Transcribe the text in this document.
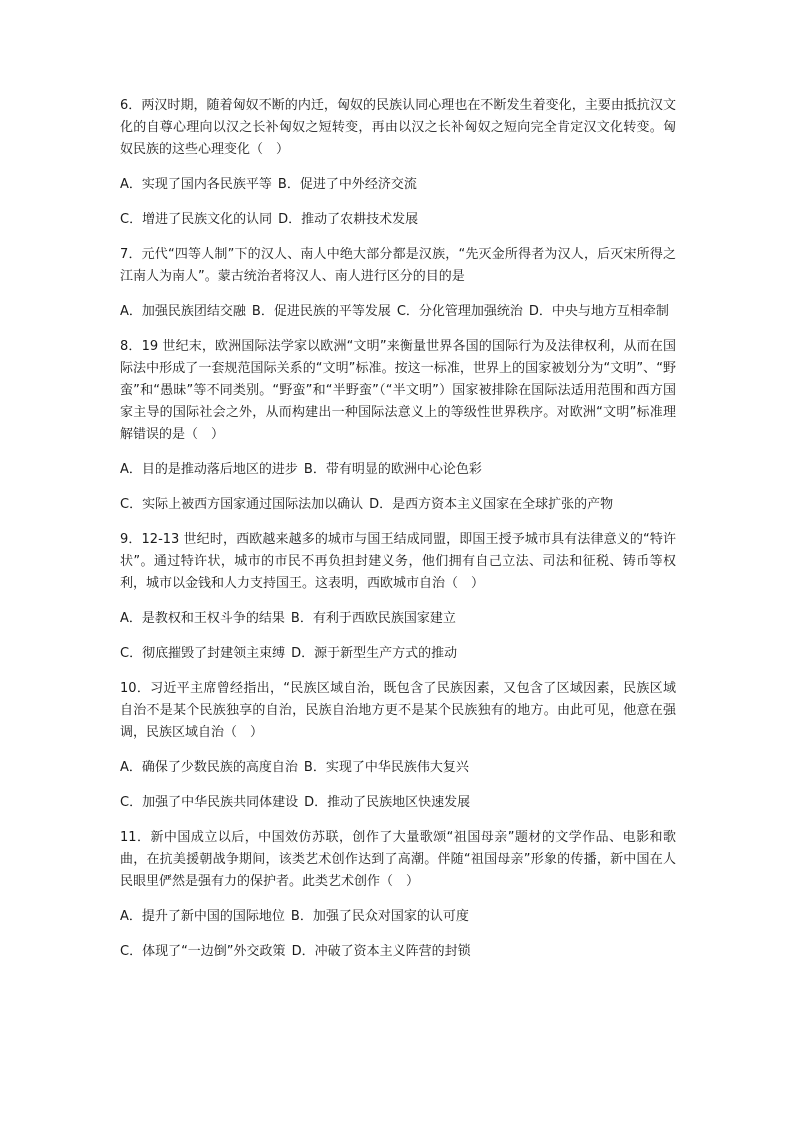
6．两汉时期，随着匈奴不断的内迁，匈奴的民族认同心理也在不断发生着变化，主要由抵抗汉文化的自尊心理向以汉之长补匈奴之短转变，再由以汉之长补匈奴之短向完全肯定汉文化转变。匈奴民族的这些心理变化（　）

A．实现了国内各民族平等 B．促进了中外经济交流

C．增进了民族文化的认同 D．推动了农耕技术发展

7．元代“四等人制”下的汉人、南人中绝大部分都是汉族，“先灭金所得者为汉人，后灭宋所得之江南人为南人”。蒙古统治者将汉人、南人进行区分的目的是

A．加强民族团结交融 B．促进民族的平等发展 C．分化管理加强统治 D．中央与地方互相牵制

8．19 世纪末，欧洲国际法学家以欧洲“文明”来衡量世界各国的国际行为及法律权利，从而在国际法中形成了一套规范国际关系的“文明”标准。按这一标准，世界上的国家被划分为“文明”、“野蛮”和“愚昧”等不同类别。“野蛮”和“半野蛮”（“半文明”）国家被排除在国际法适用范围和西方国家主导的国际社会之外，从而构建出一种国际法意义上的等级性世界秩序。对欧洲“文明”标准理解错误的是（　）

A．目的是推动落后地区的进步 B．带有明显的欧洲中心论色彩

C．实际上被西方国家通过国际法加以确认 D．是西方资本主义国家在全球扩张的产物

9．12-13 世纪时，西欧越来越多的城市与国王结成同盟，即国王授予城市具有法律意义的“特许状”。通过特许状，城市的市民不再负担封建义务，他们拥有自己立法、司法和征税、铸币等权利，城市以金钱和人力支持国王。这表明，西欧城市自治（　）

A．是教权和王权斗争的结果 B．有利于西欧民族国家建立

C．彻底摧毁了封建领主束缚 D．源于新型生产方式的推动

10．习近平主席曾经指出，“民族区域自治，既包含了民族因素，又包含了区域因素，民族区域自治不是某个民族独享的自治，民族自治地方更不是某个民族独有的地方。由此可见，他意在强调，民族区域自治（　）

A．确保了少数民族的高度自治 B．实现了中华民族伟大复兴

C．加强了中华民族共同体建设 D．推动了民族地区快速发展

11．新中国成立以后，中国效仿苏联，创作了大量歌颂“祖国母亲”题材的文学作品、电影和歌曲，在抗美援朝战争期间，该类艺术创作达到了高潮。伴随“祖国母亲”形象的传播，新中国在人民眼里俨然是强有力的保护者。此类艺术创作（　）

A．提升了新中国的国际地位 B．加强了民众对国家的认可度

C．体现了“一边倒”外交政策 D．冲破了资本主义阵营的封锁
